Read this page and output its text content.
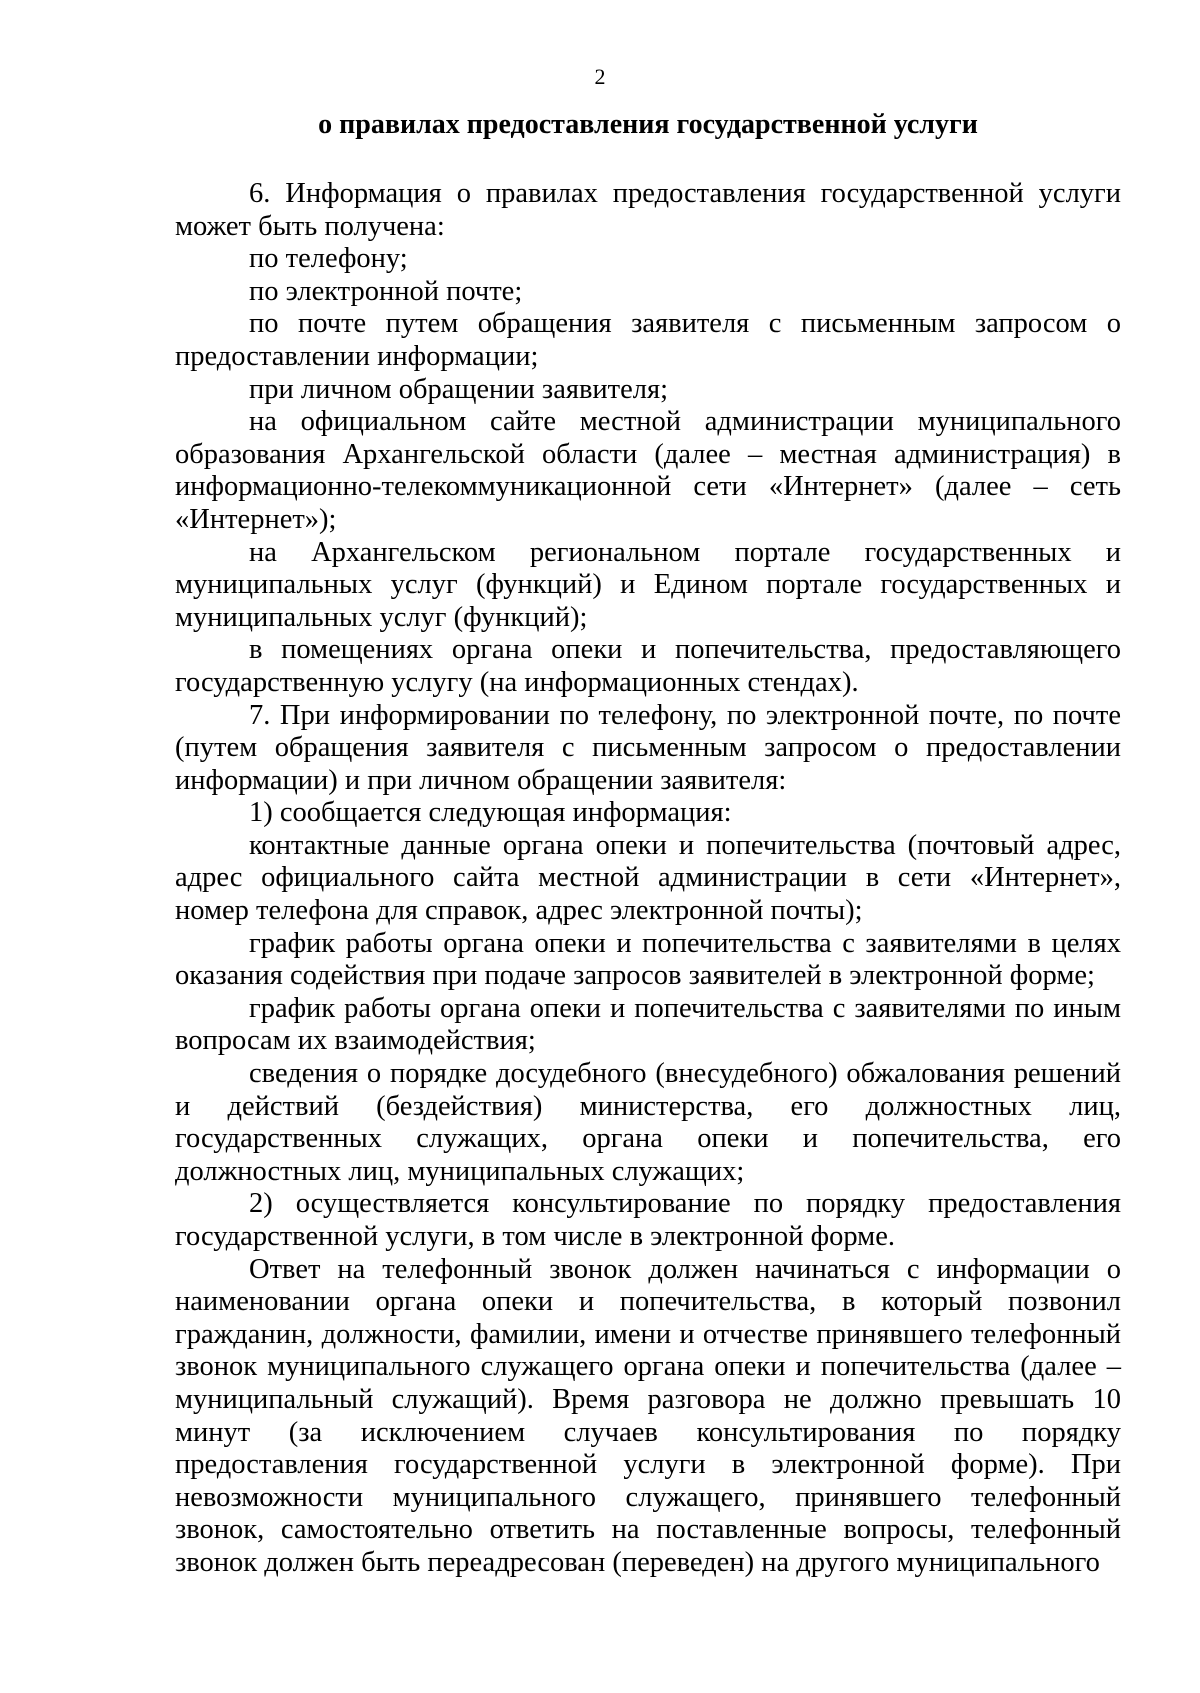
2
о правилах предоставления государственной услуги

6. Информация о правилах предоставления государственной услуги может быть получена:

по телефону;

по электронной почте;

по почте путем обращения заявителя с письменным запросом о предоставлении информации;

при личном обращении заявителя;

на официальном сайте местной администрации муниципального образования Архангельской области (далее – местная администрация) в информационно-телекоммуникационной сети «Интернет» (далее – сеть «Интернет»);

на Архангельском региональном портале государственных и муниципальных услуг (функций) и Едином портале государственных и муниципальных услуг (функций);

в помещениях органа опеки и попечительства, предоставляющего государственную услугу (на информационных стендах).

7. При информировании по телефону, по электронной почте, по почте (путем обращения заявителя с письменным запросом о предоставлении информации) и при личном обращении заявителя:

1) сообщается следующая информация:

контактные данные органа опеки и попечительства (почтовый адрес, адрес официального сайта местной администрации в сети «Интернет», номер телефона для справок, адрес электронной почты);

график работы органа опеки и попечительства с заявителями в целях оказания содействия при подаче запросов заявителей в электронной форме;

график работы органа опеки и попечительства с заявителями по иным вопросам их взаимодействия;

сведения о порядке досудебного (внесудебного) обжалования решений и действий (бездействия) министерства, его должностных лиц, государственных служащих, органа опеки и попечительства, его должностных лиц, муниципальных служащих;

2) осуществляется консультирование по порядку предоставления государственной услуги, в том числе в электронной форме.

Ответ на телефонный звонок должен начинаться с информации о наименовании органа опеки и попечительства, в который позвонил гражданин, должности, фамилии, имени и отчестве принявшего телефонный звонок муниципального служащего органа опеки и попечительства (далее – муниципальный служащий). Время разговора не должно превышать 10 минут (за исключением случаев консультирования по порядку предоставления государственной услуги в электронной форме). При невозможности муниципального служащего, принявшего телефонный звонок, самостоятельно ответить на поставленные вопросы, телефонный звонок должен быть переадресован (переведен) на другого муниципального
